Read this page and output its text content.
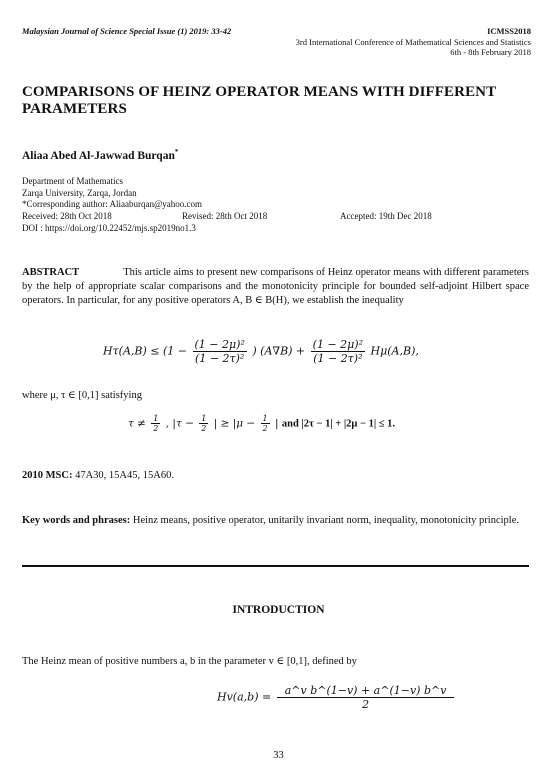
Malaysian Journal of Science Special Issue (1) 2019: 33-42	ICMSS2018
3rd International Conference of Mathematical Sciences and Statistics
6th - 8th February 2018
COMPARISONS OF HEINZ OPERATOR MEANS WITH DIFFERENT PARAMETERS
Aliaa Abed Al-Jawwad Burqan*
Department of Mathematics
Zarqa University, Zarqa, Jordan
*Corresponding author: Aliaaburqan@yahoo.com
Received: 28th Oct 2018	Revised: 28th Oct 2018	Accepted: 19th Dec 2018
DOI : https://doi.org/10.22452/mjs.sp2019no1.3
ABSTRACT	This article aims to present new comparisons of Heinz operator means with different parameters by the help of appropriate scalar comparisons and the monotonicity principle for bounded self-adjoint Hilbert space operators. In particular, for any positive operators A, B ∈ B(H), we establish the inequality
$H\tau(A,B) \le (1 - \frac{\text{(1 − 2μ)²}}{\text{(1 − 2τ)²}}$ ) $(A\nabla B) + \frac{\text{(1 − 2μ)²}}{\text{(1 − 2τ)²}} H\mu(A,B)$,
where μ, τ ∈ [0,1] satisfying
$\tau \ne \frac{1}{2}$ , $|\tau - \frac{1}{2}$ | ≥ $|\mu - \frac{1}{2}$ | and |2τ − 1| + |2μ − 1| ≤ 1.
2010 MSC: 47A30, 15A45, 15A60.
Key words and phrases: Heinz means, positive operator, unitarily invariant norm, inequality, monotonicity principle.
INTRODUCTION
The Heinz mean of positive numbers a, b in the parameter v ∈ [0,1], defined by
$Hv(a,b) = \frac{\text{a\textasciicircum{}v b\textasciicircum{}(1−v) + a\textasciicircum{}(1−v) b\textasciicircum{}v}}{2}$
33
